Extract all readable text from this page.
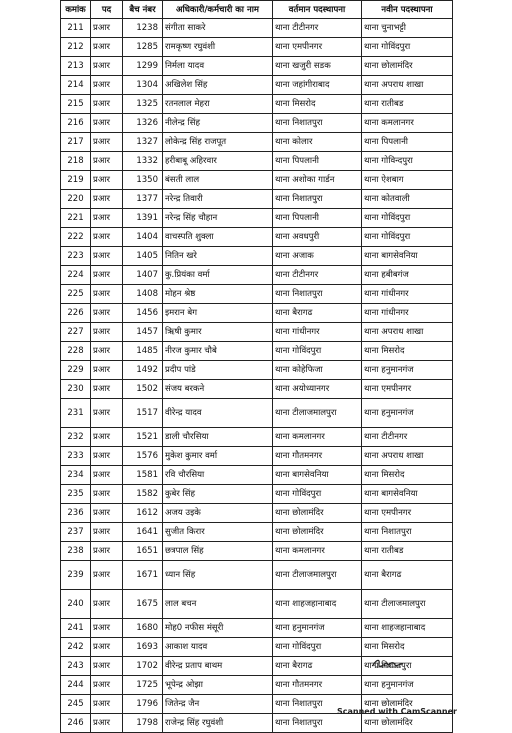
कमांक	पद	बैच नंबर	अधिकारी/कर्मचारी का नाम	वर्तमान पदस्थापना	नवीन पदस्थापना
211	प्रआर	1238	संगीता साकरे	थाना टीटीनगर	थाना चुनाभट्टी
212	प्रआर	1285	रामकृष्ण रघुवंशी	थाना एमपीनगर	थाना गोविंदपुरा
213	प्रआर	1299	निर्मला यादव	थाना खजुरी सडक	थाना छोलामंदिर
214	प्रआर	1304	अखिलेश सिंह	थाना जहांगीराबाद	थाना अपराध शाखा
215	प्रआर	1325	रतनलाल मेहरा	थाना मिसरोद	थाना रातीबड
216	प्रआर	1326	नीलेन्द्र सिंह	थाना निशातपुरा	थाना कमलानगर
217	प्रआर	1327	लोकेन्द्र सिंह राजपूत	थाना कोलार	थाना पिपलानी
218	प्रआर	1332	हरीबाबू अहिरवार	थाना पिपलानी	थाना गोविन्दपुरा
219	प्रआर	1350	बंसती लाल	थाना अशोका गार्डन	थाना ऐशबाग
220	प्रआर	1377	नरेन्द्र तिवारी	थाना निशातपुरा	थाना कोतवाली
221	प्रआर	1391	नरेन्द्र सिंह चौहान	थाना पिपलानी	थाना गोविंदपुरा
222	प्रआर	1404	वाचस्पति शुक्ला	थाना अवधपुरी	थाना गोविंदपुरा
223	प्रआर	1405	नितिन खरे	थाना अजाक	थाना बागसेवनिया
224	प्रआर	1407	कु.प्रियंका वर्मा	थाना टीटीनगर	थाना हबीबगंज
225	प्रआर	1408	मोहन श्रेष्ठ	थाना निशातपुरा	थाना गांधीनगर
226	प्रआर	1456	इमरान बेग	थाना बैरागढ	थाना गांधीनगर
227	प्रआर	1457	ऋिषी कुमार	थाना गांधीनगर	थाना अपराध शाखा
228	प्रआर	1485	नीरज कुमार चौबे	थाना गोविंदपुरा	थाना मिसरोद
229	प्रआर	1492	प्रदीप पांडे	थाना कोहेफिजा	थाना हनुमानगंज
230	प्रआर	1502	संजय बरकने	थाना अयोध्यानगर	थाना एमपीनगर
231	प्रआर	1517	वीरेन्द्र यादव	थाना टीलाजमालपुरा	थाना हनुमानगंज
232	प्रआर	1521	डाली चौरसिया	थाना कमलानगर	थाना टीटीनगर
233	प्रआर	1576	मुकेश कुमार वर्मा	थाना गौतमनगर	थाना अपराध शाखा
234	प्रआर	1581	रवि चौरसिया	थाना बागसेवनिया	थाना मिसरोद
235	प्रआर	1582	कुबेर सिंह	थाना गोविंदपुरा	थाना बागसेवनिया
236	प्रआर	1612	अजय उइके	थाना छोलामंदिर	थाना एमपीनगर
237	प्रआर	1641	सुजीत किरार	थाना छोलामंदिर	थाना निशातपुरा
238	प्रआर	1651	छत्रपाल सिंह	थाना कमलानगर	थाना रातीबड
239	प्रआर	1671	ध्यान सिंह	थाना टीलाजमालपुरा	थाना बैरागढ
240	प्रआर	1675	लाल बचन	थाना शाहजहानाबाद	थाना टीलाजमालपुरा
241	प्रआर	1680	मोह0 नफीस मंसूरी	थाना हनुमानगंज	थाना शाहजहानाबाद
242	प्रआर	1693	आकाश यादव	थाना गोविंदपुरा	थाना मिसरोद
243	प्रआर	1702	वीरेन्द्र प्रताप बाथम	थाना बैरागढ	थाना निशातपुरा
244	प्रआर	1725	भूपेन्द्र ओझा	थाना गौतमनगर	थाना हनुमानगंज
245	प्रआर	1796	जितेन्द्र जैन	थाना निशातपुरा	थाना छोलामंदिर
246	प्रआर	1798	राजेन्द्र सिंह रघुवंशी	थाना निशातपुरा	थाना छोलामंदिर
Scanned with CamScanner
